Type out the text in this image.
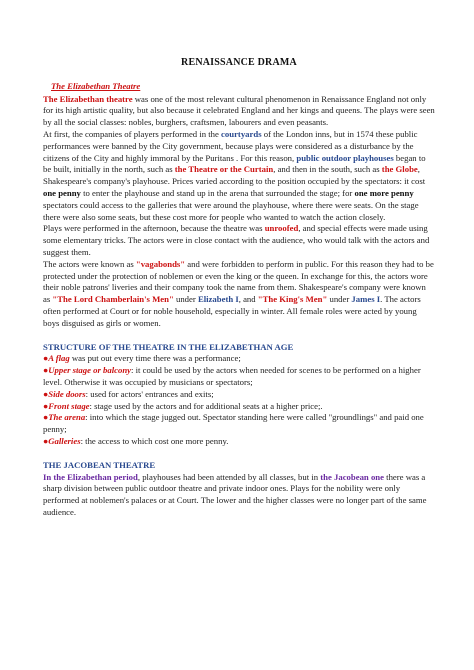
RENAISSANCE DRAMA
The Elizabethan Theatre

The Elizabethan theatre was one of the most relevant cultural phenomenon in Renaissance England not only for its high artistic quality, but also because it celebrated England and her kings and queens. The plays were seen by all the social classes: nobles, burghers, craftsmen, labourers and even peasants.

At first, the companies of players performed in the courtyards of the London inns, but in 1574 these public performances were banned by the City government, because plays were considered as a disturbance by the citizens of the City and highly immoral by the Puritans . For this reason, public outdoor playhouses began to be built, initially in the north, such as the Theatre or the Curtain, and then in the south, such as the Globe, Shakespeare's company's playhouse. Prices varied according to the position occupied by the spectators: it cost one penny to enter the playhouse and stand up in the arena that surrounded the stage; for one more penny spectators could access to the galleries that were around the playhouse, where there were seats. On the stage there were also some seats, but these cost more for people who wanted to watch the action closely.

Plays were performed in the afternoon, because the theatre was unroofed, and special effects were made using some elementary tricks. The actors were in close contact with the audience, who would talk with the actors and suggest them.

The actors were known as "vagabonds" and were forbidden to perform in public. For this reason they had to be protected under the protection of noblemen or even the king or the queen. In exchange for this, the actors wore their noble patrons' liveries and their company took the name from them. Shakespeare's company were known as "The Lord Chamberlain's Men" under Elizabeth I, and "The King's Men" under James I. The actors often performed at Court or for noble household, especially in winter. All female roles were acted by young boys disguised as girls or women.

STRUCTURE OF THE THEATRE IN THE ELIZABETHAN AGE

●A flag was put out every time there was a performance;

●Upper stage or balcony: it could be used by the actors when needed for scenes to be performed on a higher level. Otherwise it was occupied by musicians or spectators;

●Side doors: used for actors' entrances and exits;

●Front stage: stage used by the actors and for additional seats at a higher price;.

●The arena: into which the stage jugged out. Spectator standing here were called "groundlings" and paid one penny;

●Galleries: the access to which cost one more penny.

THE JACOBEAN THEATRE

In the Elizabethan period, playhouses had been attended by all classes, but in the Jacobean one there was a sharp division between public outdoor theatre and private indoor ones. Plays for the nobility were only performed at noblemen's palaces or at Court. The lower and the higher classes were no longer part of the same audience.
